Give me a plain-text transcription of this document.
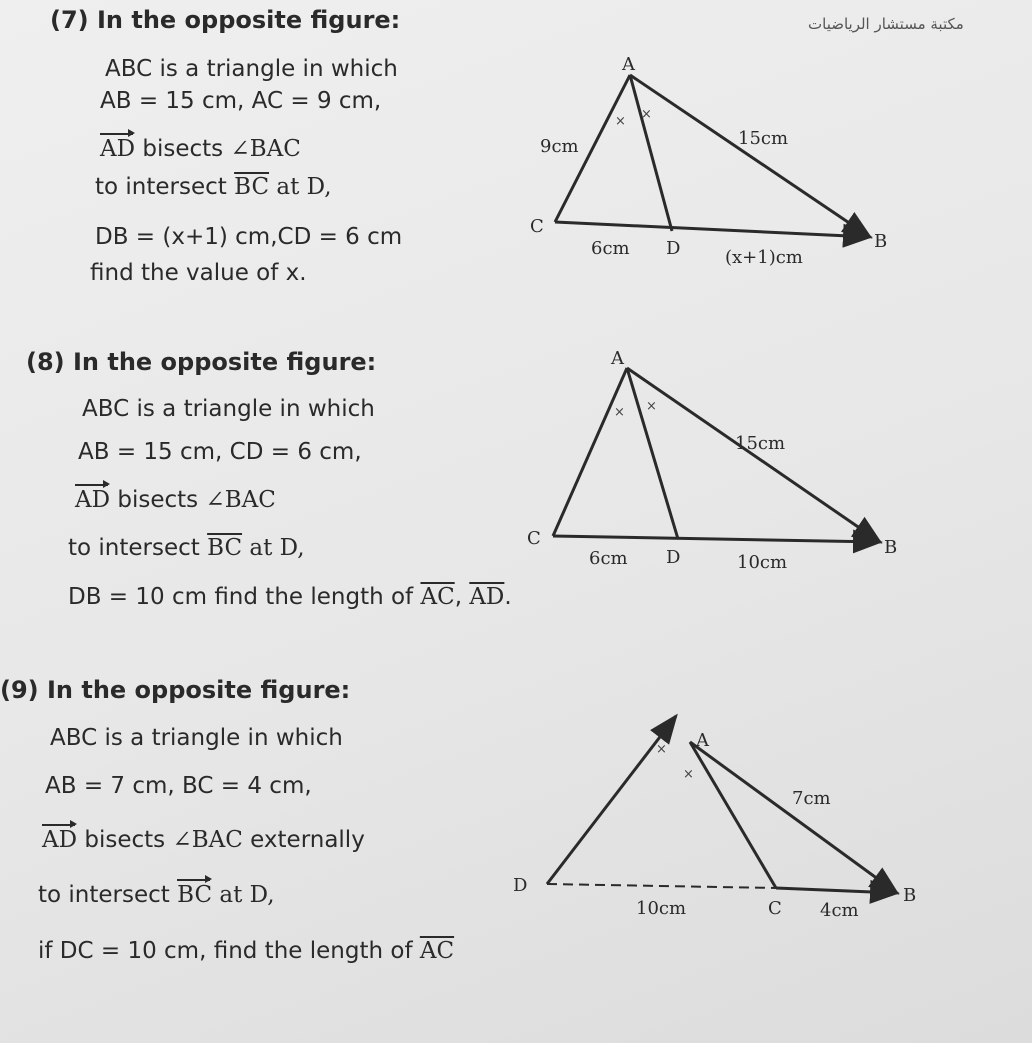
مكتبة مستشار الرياضيات
(7) In the opposite figure:
ABC is a triangle in which
AB = 15 cm, AC = 9 cm,
AD bisects ∠BAC
to intersect $\overline{BC}$ at D,
DB = (x+1) cm,CD = 6 cm
find the value of x.
(8) In the opposite figure:
ABC is a triangle in which
AB = 15 cm, CD = 6 cm,
AD bisects ∠BAC
to intersect $\overline{BC}$ at D,
DB = 10 cm find the length of $\overline{AC}$, $\overline{AD}$.
(9) In the opposite figure:
ABC is a triangle in which
AB = 7 cm, BC = 4 cm,
AD bisects ∠BAC externally
to intersect BC at D,
if DC = 10 cm, find the length of $\overline{AC}$
A
B
C
D
9cm	15cm
6cm	(x+1)cm
× ×
A
B
C
D
15cm
6cm	10cm
× ×
A
B
C
D
7cm
10cm	4cm
×
×
